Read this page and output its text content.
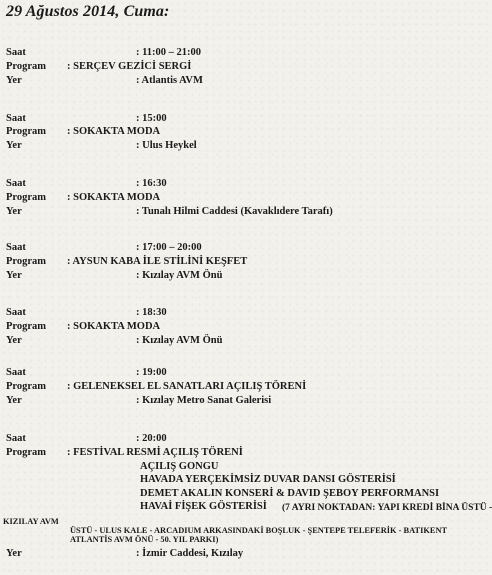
29 Ağustos 2014, Cuma:
Saat	: 11:00 – 21:00
Program : SERÇEV GEZİCİ SERGİ
Yer	: Atlantis AVM
Saat	: 15:00
Program : SOKAKTA MODA
Yer	: Ulus Heykel
Saat	: 16:30
Program : SOKAKTA MODA
Yer	: Tunalı Hilmi Caddesi (Kavaklıdere Tarafı)
Saat	: 17:00 – 20:00
Program : AYSUN KABA İLE STİLİNİ KEŞFET
Yer	: Kızılay AVM Önü
Saat	: 18:30
Program : SOKAKTA MODA
Yer	: Kızılay AVM Önü
Saat	: 19:00
Program : GELENEKSEL EL SANATLARI AÇILIŞ TÖRENİ
Yer	: Kızılay Metro Sanat Galerisi
Saat	: 20:00
Program : FESTİVAL RESMİ AÇILIŞ TÖRENİ
AÇILIŞ GONGU
HAVADA YERÇEKİMSİZ DUVAR DANSI GÖSTERİSİ
DEMET AKALIN KONSERİ & DAVID ŞEBOY PERFORMANSI
HAVAİ FİŞEK GÖSTERİSİ (7 AYRI NOKTADAN: YAPI KREDİ BİNA ÜSTÜ -
KIZILAY AVM
ÜSTÜ - ULUS KALE - ARCADIUM ARKASINDAKİ BOŞLUK - ŞENTEPE TELEFERİK - BATIKENT
ATLANTİS AVM ÖNÜ - 50. YIL PARKI)
Yer	: İzmir Caddesi, Kızılay
